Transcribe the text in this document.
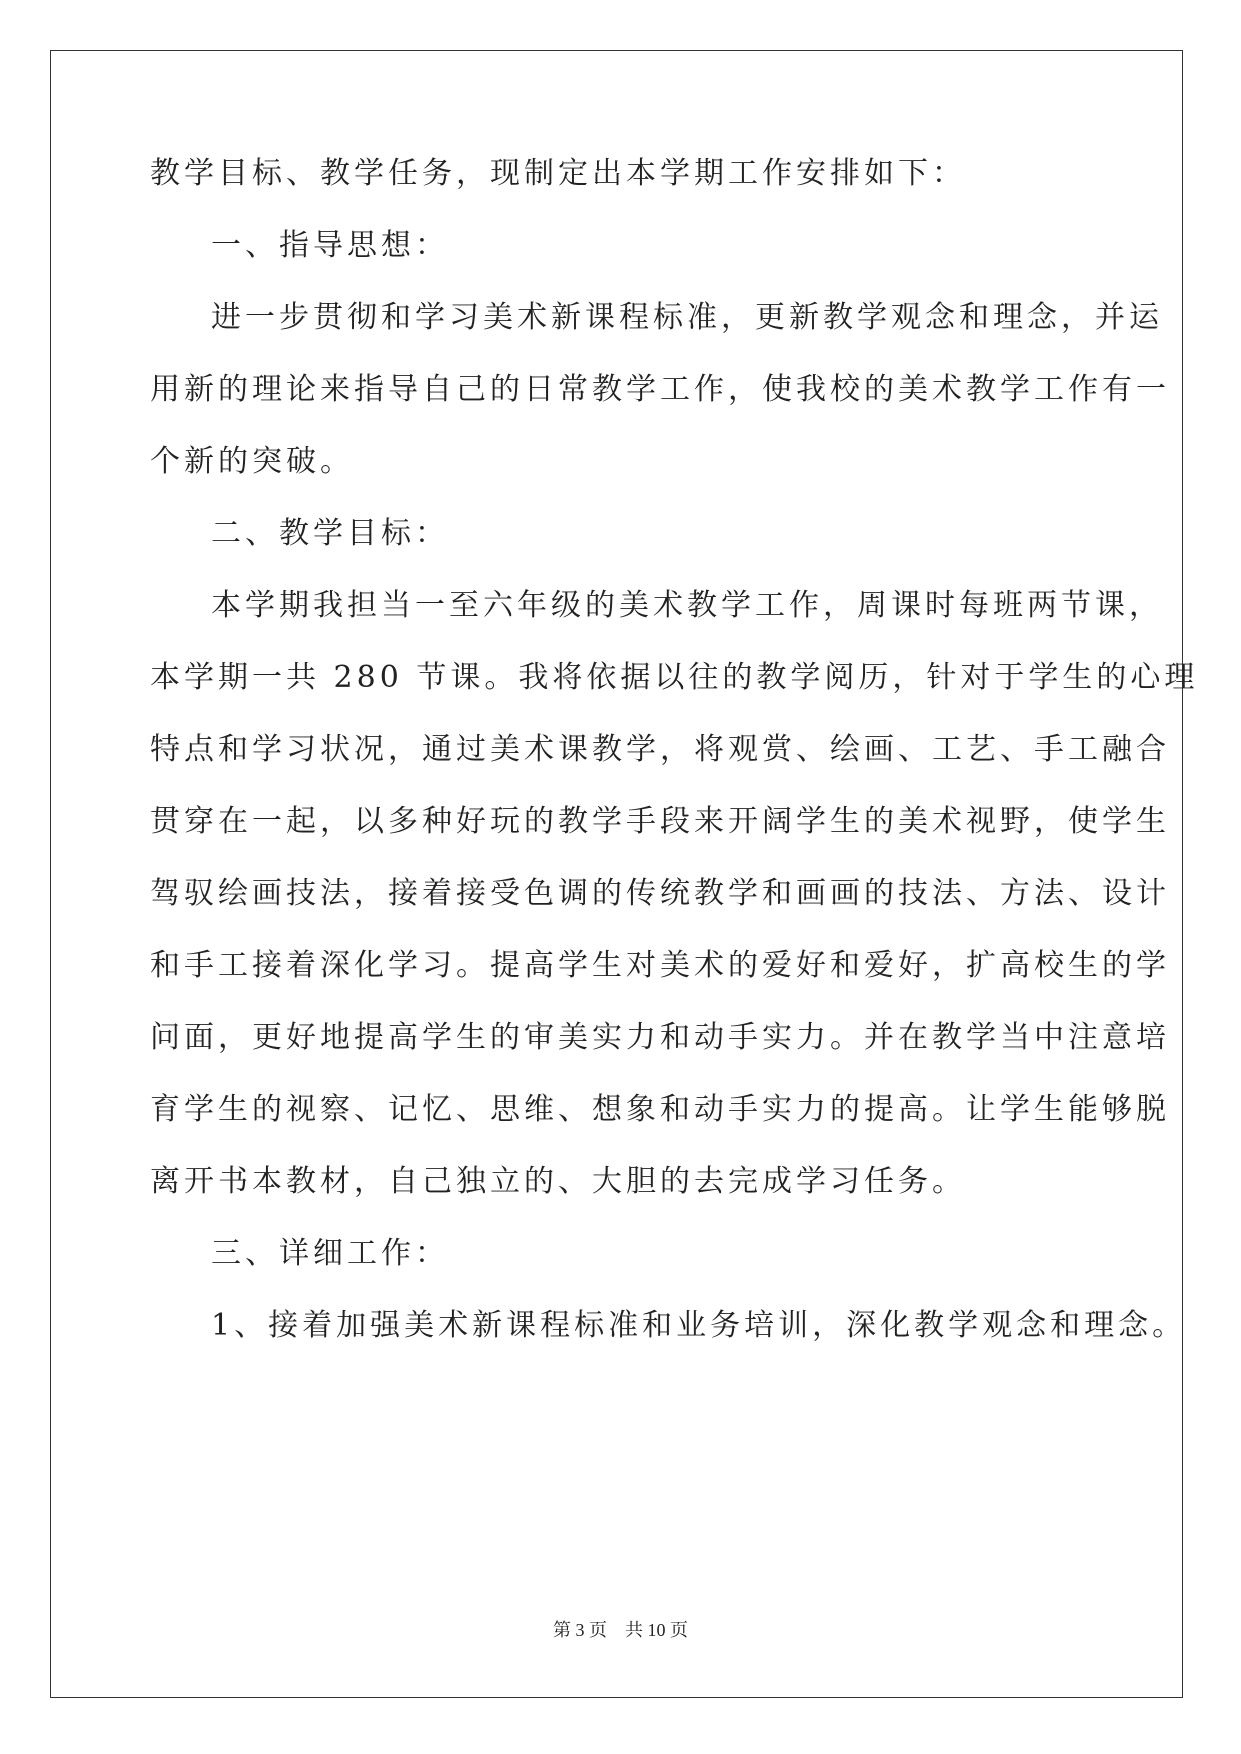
教学目标、教学任务，现制定出本学期工作安排如下：
一、指导思想：
进一步贯彻和学习美术新课程标准，更新教学观念和理念，并运
用新的理论来指导自己的日常教学工作，使我校的美术教学工作有一
个新的突破。
二、教学目标：
本学期我担当一至六年级的美术教学工作，周课时每班两节课，
本学期一共 280 节课。我将依据以往的教学阅历，针对于学生的心理
特点和学习状况，通过美术课教学，将观赏、绘画、工艺、手工融合
贯穿在一起，以多种好玩的教学手段来开阔学生的美术视野，使学生
驾驭绘画技法，接着接受色调的传统教学和画画的技法、方法、设计
和手工接着深化学习。提高学生对美术的爱好和爱好，扩高校生的学
问面，更好地提高学生的审美实力和动手实力。并在教学当中注意培
育学生的视察、记忆、思维、想象和动手实力的提高。让学生能够脱
离开书本教材，自己独立的、大胆的去完成学习任务。
三、详细工作：
1、接着加强美术新课程标准和业务培训，深化教学观念和理念。
第 3 页    共 10 页
